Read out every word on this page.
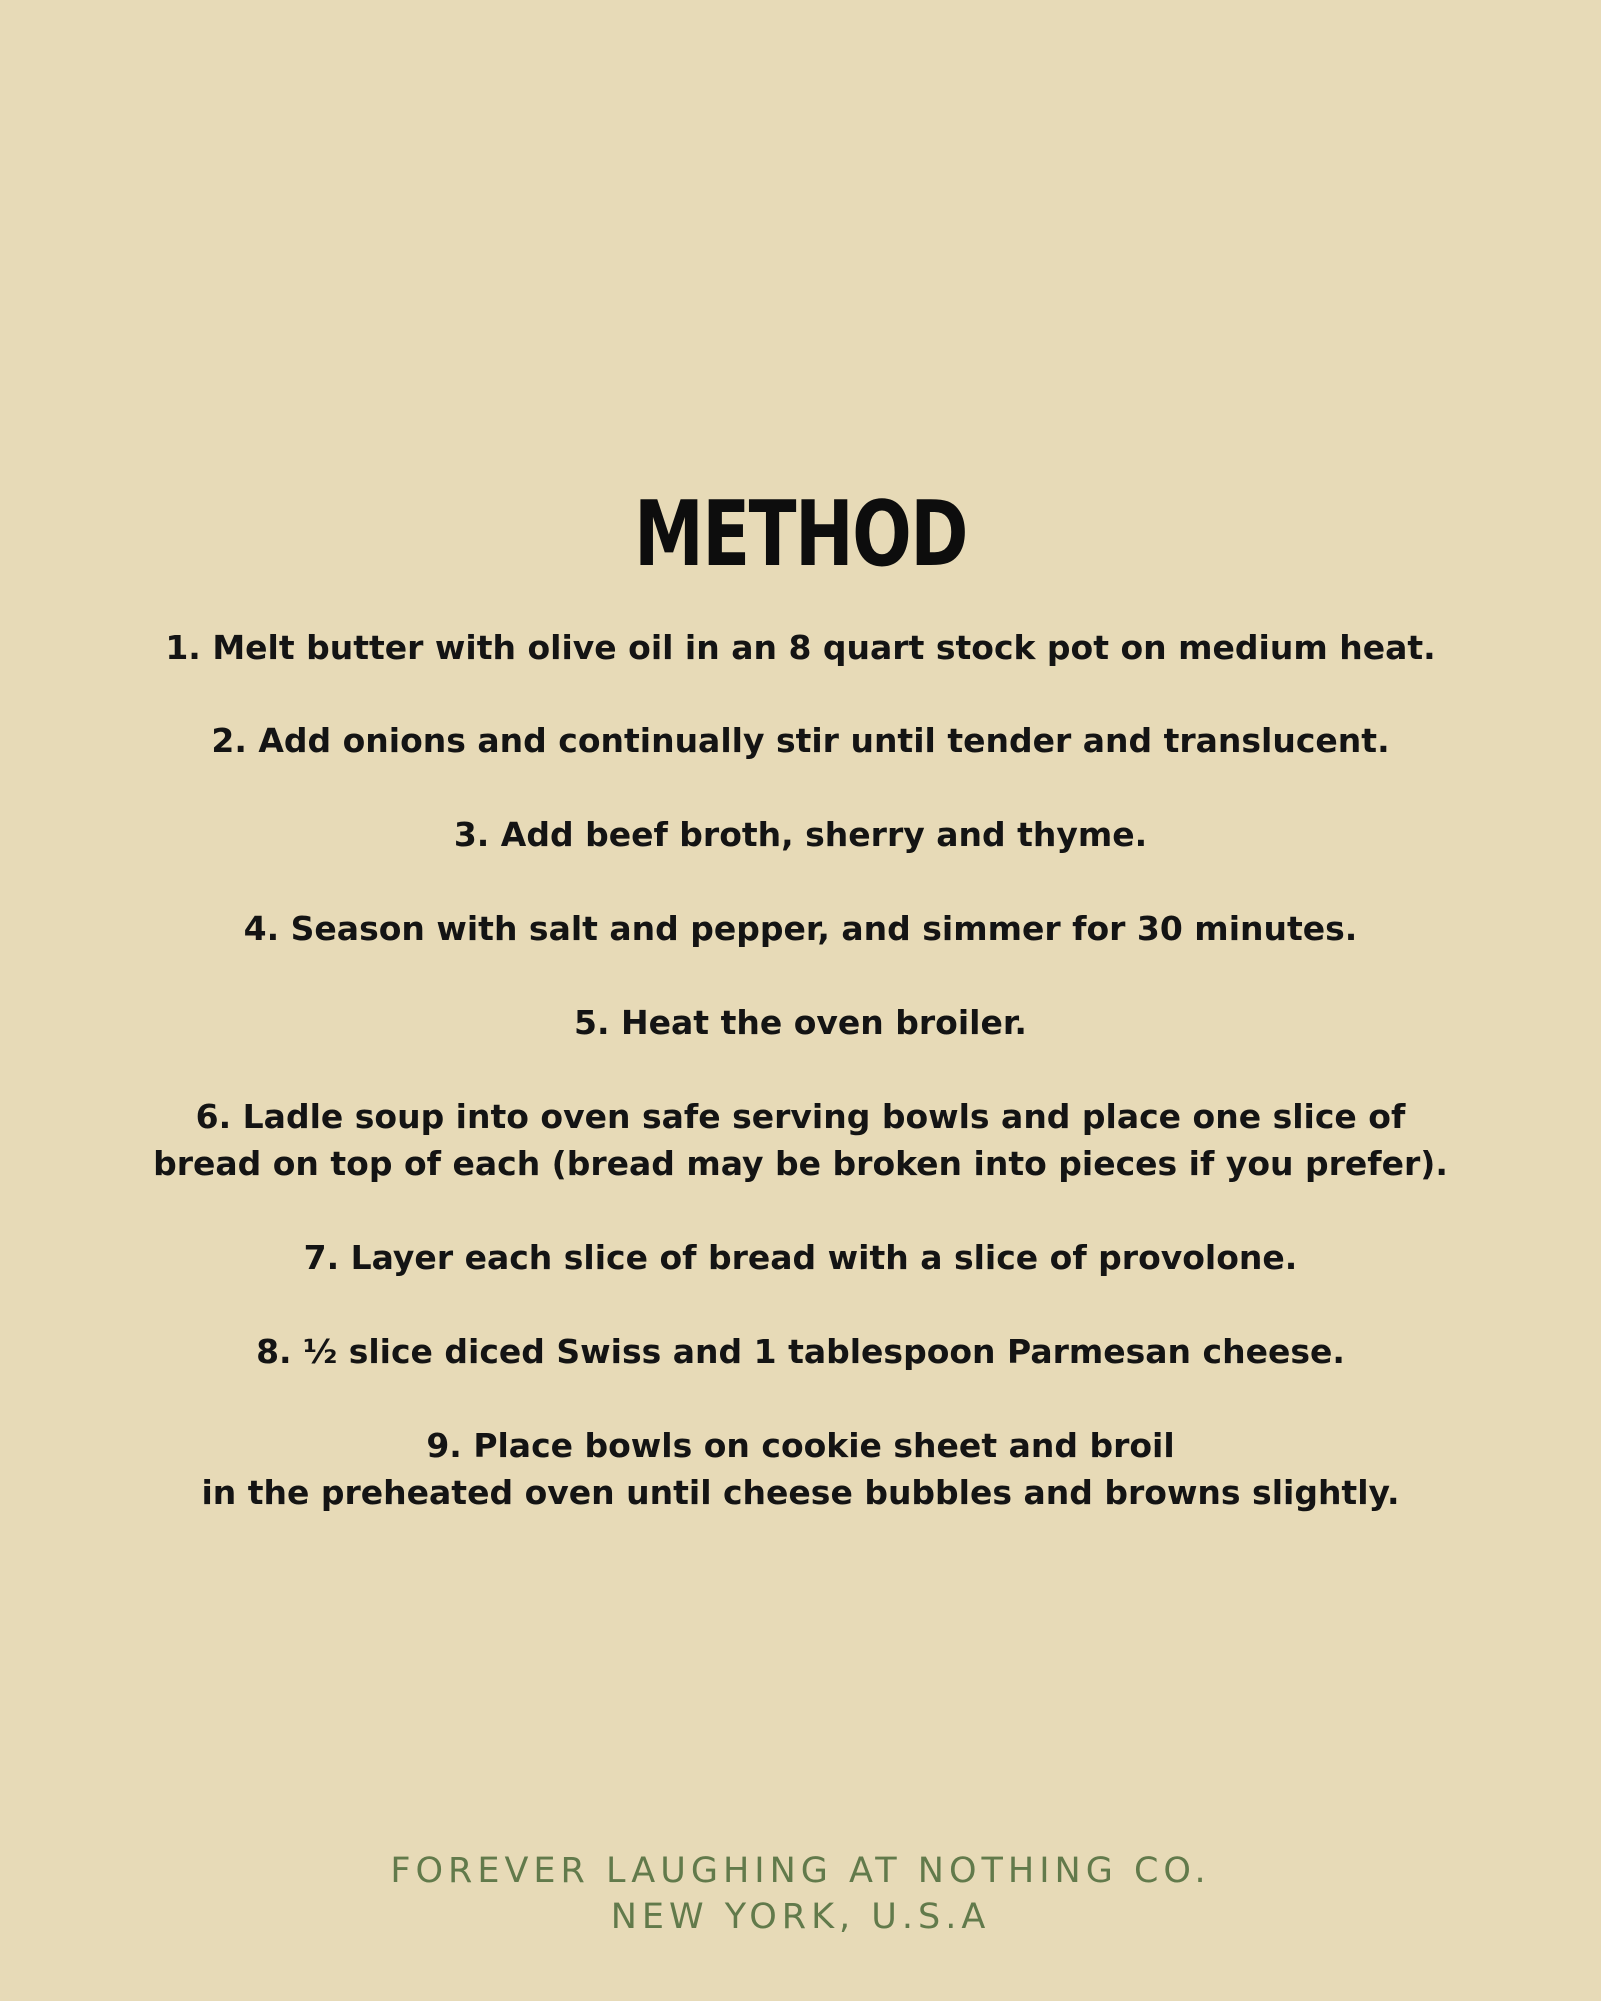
METHOD
1. Melt butter with olive oil in an 8 quart stock pot on medium heat.
2. Add onions and continually stir until tender and translucent.
3. Add beef broth, sherry and thyme.
4. Season with salt and pepper, and simmer for 30 minutes.
5. Heat the oven broiler.
6. Ladle soup into oven safe serving bowls and place one slice of
bread on top of each (bread may be broken into pieces if you prefer).
7. Layer each slice of bread with a slice of provolone.
8. ½ slice diced Swiss and 1 tablespoon Parmesan cheese.
9. Place bowls on cookie sheet and broil
in the preheated oven until cheese bubbles and browns slightly.
FOREVER LAUGHING AT NOTHING CO.
NEW YORK, U.S.A
